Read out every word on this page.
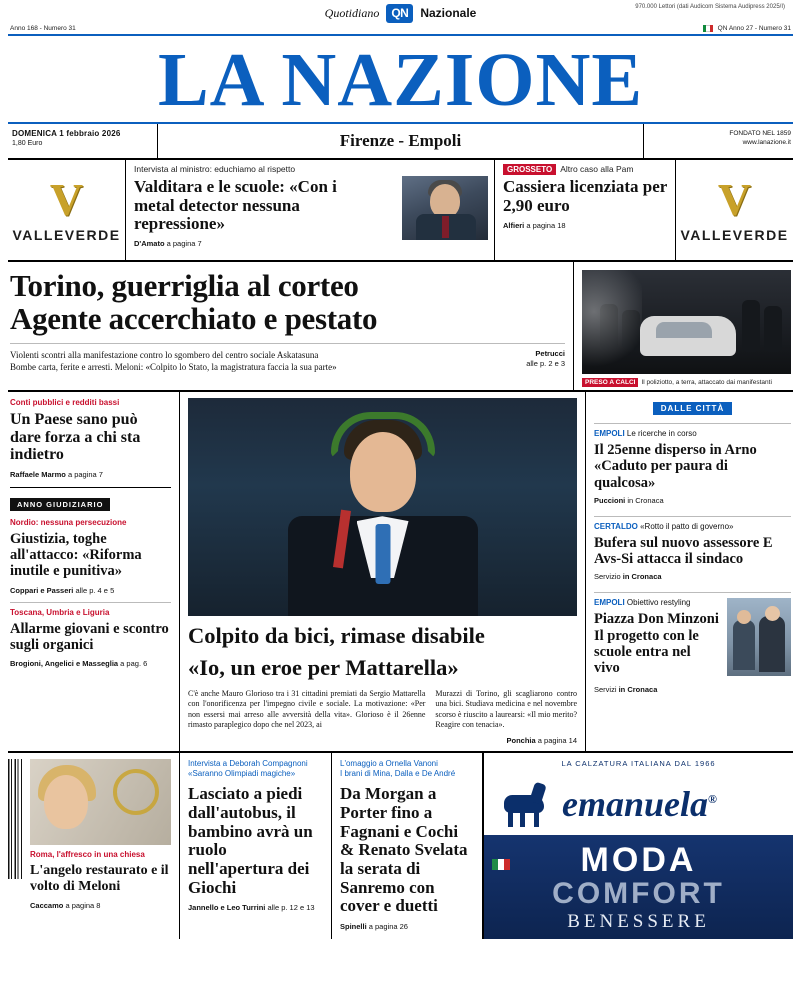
Quotidiano	QN	Nazionale	970.000 Lettori (dati Audicom Sistema Audipress 2025/I)
Anno 168 - Numero 31	QN Anno 27 - Numero 31
LA NAZIONE
DOMENICA 1 febbraio 2026
1,80 Euro	Firenze - Empoli	FONDATO NEL 1859
www.lanazione.it
V
VALLEVERDE
Intervista al ministro: educhiamo al rispetto
Valditara e le scuole: «Con i metal detector nessuna repressione»
D'Amato a pagina 7
GROSSETO Altro caso alla Pam
Cassiera licenziata per 2,90 euro
Alfieri a pagina 18
V
VALLEVERDE
Torino, guerriglia al corteo
Agente accerchiato e pestato
Violenti scontri alla manifestazione contro lo sgombero del centro sociale Askatasuna
Bombe carta, ferite e arresti. Meloni: «Colpito lo Stato, la magistratura faccia la sua parte»
Petrucci
alle p. 2 e 3
PRESO A CALCI Il poliziotto, a terra, attaccato dai manifestanti
Conti pubblici e redditi bassi
Un Paese sano può dare forza a chi sta indietro
Raffaele Marmo a pagina 7
ANNO GIUDIZIARIO
Nordio: nessuna persecuzione
Giustizia, toghe all'attacco: «Riforma inutile e punitiva»
Coppari e Passeri alle p. 4 e 5
Toscana, Umbria e Liguria
Allarme giovani e scontro sugli organici
Brogioni, Angelici e Masseglia a pag. 6
Colpito da bici, rimase disabile
«Io, un eroe per Mattarella»

C'è anche Mauro Glorioso tra i 31 cittadini premiati da Sergio Mattarella con l'onorificenza per l'impegno civile e sociale. La motivazione: «Per non essersi mai arreso alle avversità della vita». Glorioso è il 26enne rimasto paraplegico dopo che nel 2023, ai

Murazzi di Torino, gli scagliarono contro una bici. Studiava medicina e nel novembre scorso è riuscito a laurearsi: «Il mio merito? Reagire con tenacia».

Ponchia a pagina 14
DALLE CITTÀ
EMPOLI Le ricerche in corso
Il 25enne disperso in Arno «Caduto per paura di qualcosa»
Puccioni in Cronaca
CERTALDO «Rotto il patto di governo»
Bufera sul nuovo assessore E Avs-Si attacca il sindaco
Servizio in Cronaca
EMPOLI Obiettivo restyling
Piazza Don Minzoni Il progetto con le scuole entra nel vivo
Servizi in Cronaca
Roma, l'affresco in una chiesa
L'angelo restaurato e il volto di Meloni
Caccamo a pagina 8
Intervista a Deborah Compagnoni
«Saranno Olimpiadi magiche»
Lasciato a piedi dall'autobus, il bambino avrà un ruolo nell'apertura dei Giochi
Jannello e Leo Turrini alle p. 12 e 13
L'omaggio a Ornella Vanoni
I brani di Mina, Dalla e De André
Da Morgan a Porter fino a Fagnani e Cochi & Renato Svelata la serata di Sanremo con cover e duetti
Spinelli a pagina 26
LA CALZATURA ITALIANA DAL 1966
emanuela®
MODA
COMFORT
BENESSERE
